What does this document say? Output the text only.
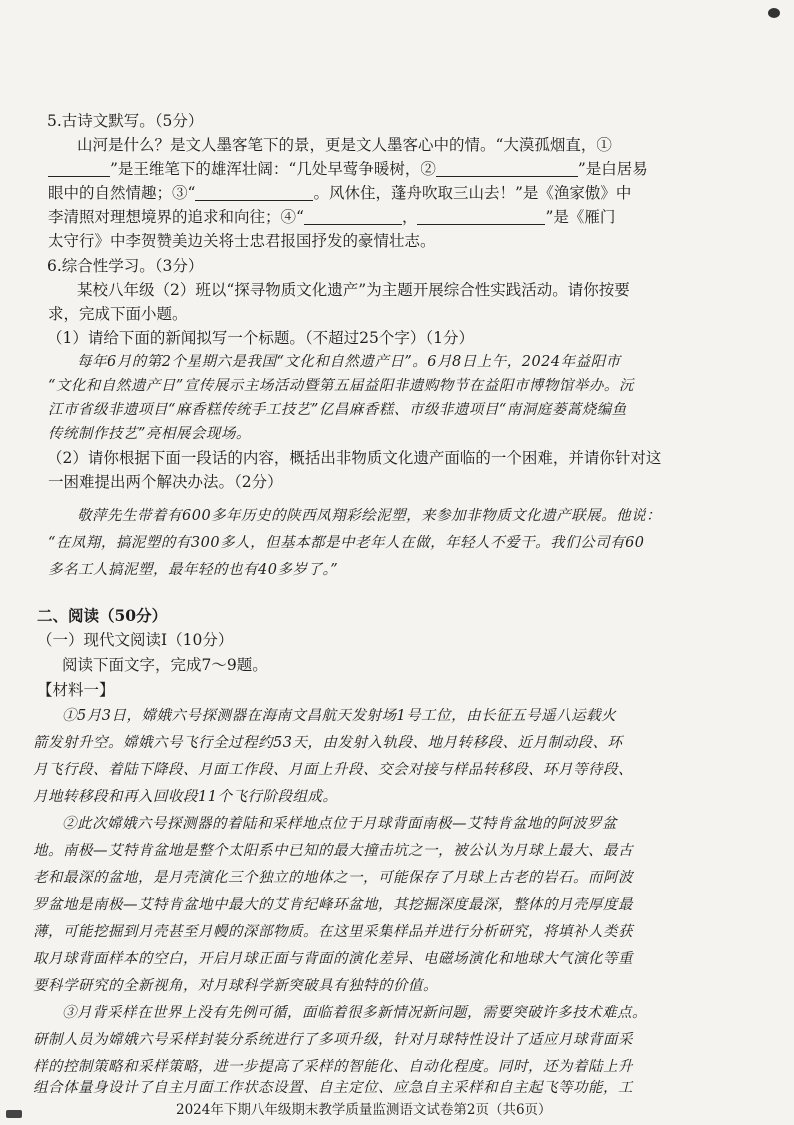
5.古诗文默写。（5分）
山河是什么？是文人墨客笔下的景，更是文人墨客心中的情。“大漠孤烟直，①
”是王维笔下的雄浑壮阔：“几处早莺争暖树，②	”是白居易
眼中的自然情趣；③“	。风休住，蓬舟吹取三山去！”是《渔家傲》中
李清照对理想境界的追求和向往；④“	，	”是《雁门
太守行》中李贺赞美边关将士忠君报国抒发的豪情壮志。
6.综合性学习。（3分）
某校八年级（2）班以“探寻物质文化遗产”为主题开展综合性实践活动。请你按要
求，完成下面小题。
（1）请给下面的新闻拟写一个标题。（不超过25个字）（1分）
每年6月的第2个星期六是我国“文化和自然遗产日”。6月8日上午，2024年益阳市
“文化和自然遗产日”宣传展示主场活动暨第五届益阳非遗购物节在益阳市博物馆举办。沅
江市省级非遗项目“麻香糕传统手工技艺”亿昌麻香糕、市级非遗项目“南洞庭蒌蒿烧编鱼
传统制作技艺”亮相展会现场。
（2）请你根据下面一段话的内容，概括出非物质文化遗产面临的一个困难，并请你针对这
一困难提出两个解决办法。（2分）
敬萍先生带着有600多年历史的陕西凤翔彩绘泥塑，来参加非物质文化遗产联展。他说：
“在凤翔，搞泥塑的有300多人，但基本都是中老年人在做，年轻人不爱干。我们公司有60
多名工人搞泥塑，最年轻的也有40多岁了。”
二、阅读（50分）
（一）现代文阅读Ⅰ（10分）
阅读下面文字，完成7～9题。
【材料一】
①5月3日，嫦娥六号探测器在海南文昌航天发射场1号工位，由长征五号遥八运载火
箭发射升空。嫦娥六号飞行全过程约53天，由发射入轨段、地月转移段、近月制动段、环
月飞行段、着陆下降段、月面工作段、月面上升段、交会对接与样品转移段、环月等待段、
月地转移段和再入回收段11个飞行阶段组成。
②此次嫦娥六号探测器的着陆和采样地点位于月球背面南极—艾特肯盆地的阿波罗盆
地。南极—艾特肯盆地是整个太阳系中已知的最大撞击坑之一，被公认为月球上最大、最古
老和最深的盆地，是月壳演化三个独立的地体之一，可能保存了月球上古老的岩石。而阿波
罗盆地是南极—艾特肯盆地中最大的艾肯纪峰环盆地，其挖掘深度最深，整体的月壳厚度最
薄，可能挖掘到月壳甚至月幔的深部物质。在这里采集样品并进行分析研究，将填补人类获
取月球背面样本的空白，开启月球正面与背面的演化差异、电磁场演化和地球大气演化等重
要科学研究的全新视角，对月球科学新突破具有独特的价值。
③月背采样在世界上没有先例可循，面临着很多新情况新问题，需要突破许多技术难点。
研制人员为嫦娥六号采样封装分系统进行了多项升级，针对月球特性设计了适应月球背面采
样的控制策略和采样策略，进一步提高了采样的智能化、自动化程度。同时，还为着陆上升
组合体量身设计了自主月面工作状态设置、自主定位、应急自主采样和自主起飞等功能，工
2024年下期八年级期末教学质量监测语文试卷第2页（共6页）
